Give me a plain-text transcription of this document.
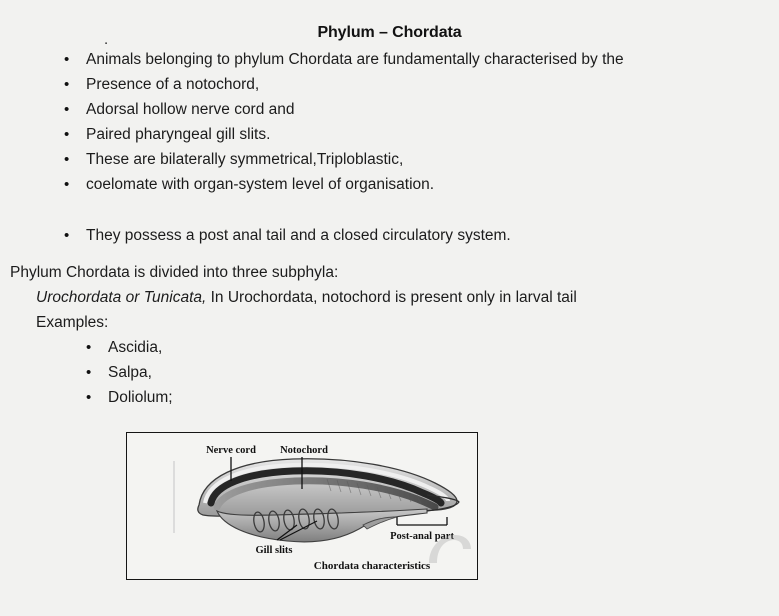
Phylum – Chordata
.
• Animals belonging to phylum Chordata are fundamentally characterised by the
• Presence of a notochord,
• Adorsal hollow nerve cord and
• Paired pharyngeal gill slits.
• These are bilaterally symmetrical,Triploblastic,
• coelomate with organ-system level of organisation.
• They possess a post anal tail and a closed circulatory system.
Phylum Chordata is divided into three subphyla:
Urochordata or Tunicata, In Urochordata, notochord is present only in larval tail
Examples:
• Ascidia,
• Salpa,
• Doliolum;
Nerve cord Notochord
Gill slits
Post-anal part
Chordata characteristics
